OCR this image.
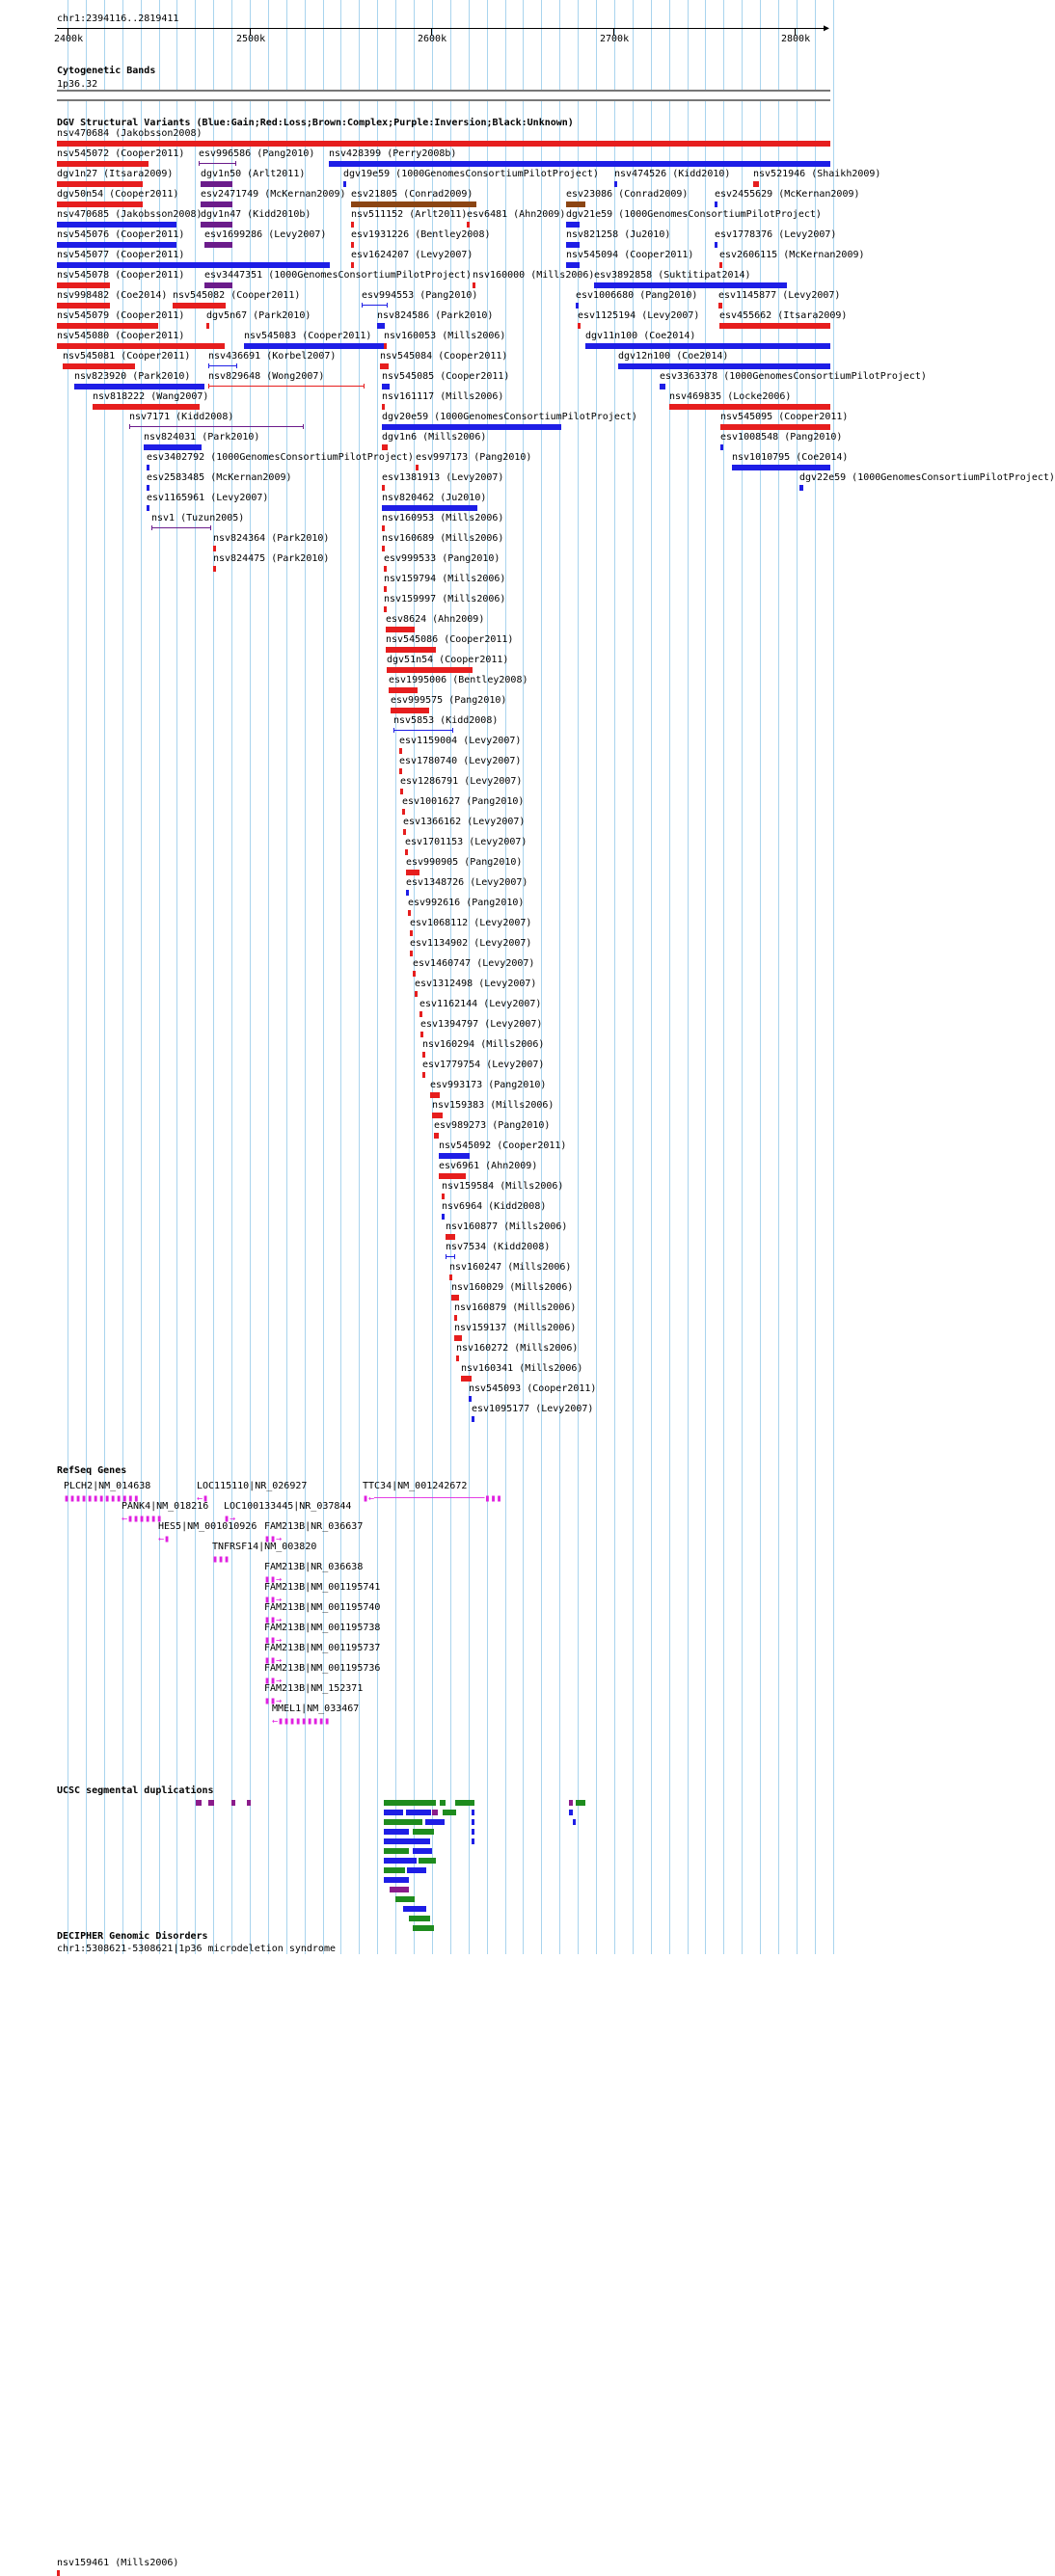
chr1:2394116..2819411
▶
2400k	2500k	2600k	2700k	2800k
Cytogenetic Bands
1p36.32
DGV Structural Variants (Blue:Gain;Red:Loss;Brown:Complex;Purple:Inversion;Black:Unknown)
nsv470684 (Jakobsson2008)
nsv545072 (Cooper2011) esv996586 (Pang2010) nsv428399 (Perry2008b)
dgv1n27 (Itsara2009)	dgv1n50 (Arlt2011)	dgv19e59 (1000GenomesConsortiumPilotProject) nsv474526 (Kidd2010) nsv521946 (Shaikh2009)
dgv50n54 (Cooper2011) esv2471749 (McKernan2009) esv21805 (Conrad2009)	esv23086 (Conrad2009)	esv2455629 (McKernan2009)
nsv470685 (Jakobsson2008)
dgv1n47 (Kidd2010b)	nsv511152 (Arlt2011) esv6481 (Ahn2009) dgv21e59 (1000GenomesConsortiumPilotProject)
nsv545076 (Cooper2011) esv1699286 (Levy2007)	esv1931226 (Bentley2008)	nsv821258 (Ju2010)	esv1778376 (Levy2007)
nsv545077 (Cooper2011)	esv1624207 (Levy2007)	nsv545094 (Cooper2011)	esv2606115 (McKernan2009)
nsv545078 (Cooper2011) esv3447351 (1000GenomesConsortiumPilotProject) nsv160000 (Mills2006) esv3892858 (Suktitipat2014)
nsv998482 (Coe2014) nsv545082 (Cooper2011)	esv994553 (Pang2010)	esv1006680 (Pang2010) esv1145877 (Levy2007)
nsv545079 (Cooper2011) dgv5n67 (Park2010)	nsv824586 (Park2010)	esv1125194 (Levy2007) esv455662 (Itsara2009)
nsv545080 (Cooper2011)	nsv545083 (Cooper2011) nsv160053 (Mills2006)	dgv11n100 (Coe2014)
nsv545081 (Cooper2011) nsv436691 (Korbel2007)	nsv545084 (Cooper2011)	dgv12n100 (Coe2014)
nsv823920 (Park2010) nsv829648 (Wong2007)	nsv545085 (Cooper2011)	esv3363378 (1000GenomesConsortiumPilotProject)
nsv818222 (Wang2007)	nsv161117 (Mills2006)	nsv469835 (Locke2006)
nsv7171 (Kidd2008)	dgv20e59 (1000GenomesConsortiumPilotProject)	nsv545095 (Cooper2011)
nsv824031 (Park2010)	dgv1n6 (Mills2006)	esv1008548 (Pang2010)
esv3402792 (1000GenomesConsortiumPilotProject) esv997173 (Pang2010)	nsv1010795 (Coe2014)
esv2583485 (McKernan2009)	esv1381913 (Levy2007)	dgv22e59 (1000GenomesConsortiumPilotProject)
esv1165961 (Levy2007)	nsv820462 (Ju2010)
nsv1 (Tuzun2005)	nsv160953 (Mills2006)
nsv824364 (Park2010)	nsv160689 (Mills2006)
nsv824475 (Park2010)	esv999533 (Pang2010)
nsv159794 (Mills2006)
nsv159997 (Mills2006)
esv8624 (Ahn2009)
nsv545086 (Cooper2011)
dgv51n54 (Cooper2011)
esv1995006 (Bentley2008)
esv999575 (Pang2010)
nsv5853 (Kidd2008)
esv1159004 (Levy2007)
esv1780740 (Levy2007)
esv1286791 (Levy2007)
esv1001627 (Pang2010)
esv1366162 (Levy2007)
esv1701153 (Levy2007)
esv990905 (Pang2010)
esv1348726 (Levy2007)
esv992616 (Pang2010)
esv1068112 (Levy2007)
esv1134902 (Levy2007)
esv1460747 (Levy2007)
esv1312498 (Levy2007)
esv1162144 (Levy2007)
esv1394797 (Levy2007)
nsv160294 (Mills2006)
esv1779754 (Levy2007)
esv993173 (Pang2010)
nsv159383 (Mills2006)
esv989273 (Pang2010)
nsv545092 (Cooper2011)
esv6961 (Ahn2009)
nsv159584 (Mills2006)
nsv6964 (Kidd2008)
nsv160877 (Mills2006)
nsv7534 (Kidd2008)
nsv160247 (Mills2006)
nsv160029 (Mills2006)
nsv160879 (Mills2006)
nsv159137 (Mills2006)
nsv160272 (Mills2006)
nsv160341 (Mills2006)
nsv545093 (Cooper2011)
esv1095177 (Levy2007)
nsv159461 (Mills2006)
RefSeq Genes
PLCH2|NM_014638
▮▮▮▮▮▮▮▮▮▮▮▮▮
LOC115110|NR_026927
←▮
TTC34|NM_001242672
▮←───────────────────▮▮▮
PANK4|NM_018216
←▮▮▮▮▮▮
LOC100133445|NR_037844
▮→
HES5|NM_001010926
←▮
FAM213B|NR_036637
▮▮→
TNFRSF14|NM_003820
▮▮▮
FAM213B|NR_036638
▮▮→
FAM213B|NM_001195741
▮▮→
FAM213B|NM_001195740
▮▮→
FAM213B|NM_001195738
▮▮→
FAM213B|NM_001195737
▮▮→
FAM213B|NM_001195736
▮▮→
FAM213B|NM_152371
▮▮→
MMEL1|NM_033467
←▮▮▮▮▮▮▮▮▮
UCSC segmental duplications
DECIPHER Genomic Disorders
chr1:5308621-5308621|1p36 microdeletion syndrome
